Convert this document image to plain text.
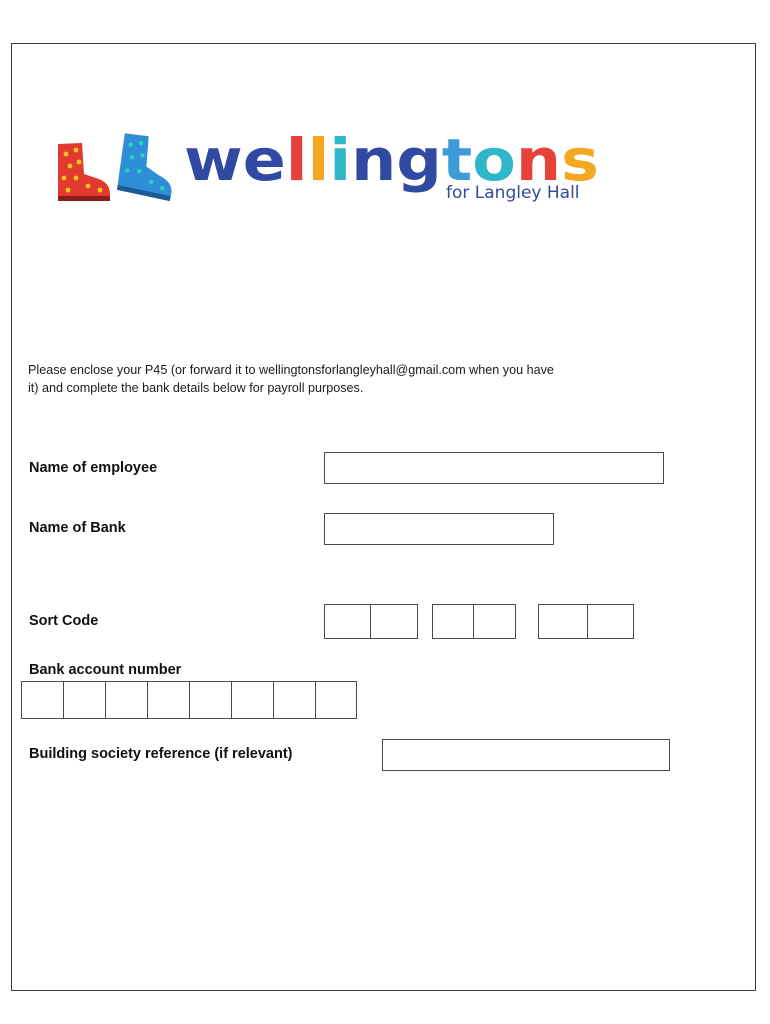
wellingtons
for Langley Hall
Please enclose your P45 (or forward it to wellingtonsforlangleyhall@gmail.com when you have
it) and complete the bank details below for payroll purposes.
Name of employee
Name of Bank
Sort Code
Bank account number
Building society reference (if relevant)
